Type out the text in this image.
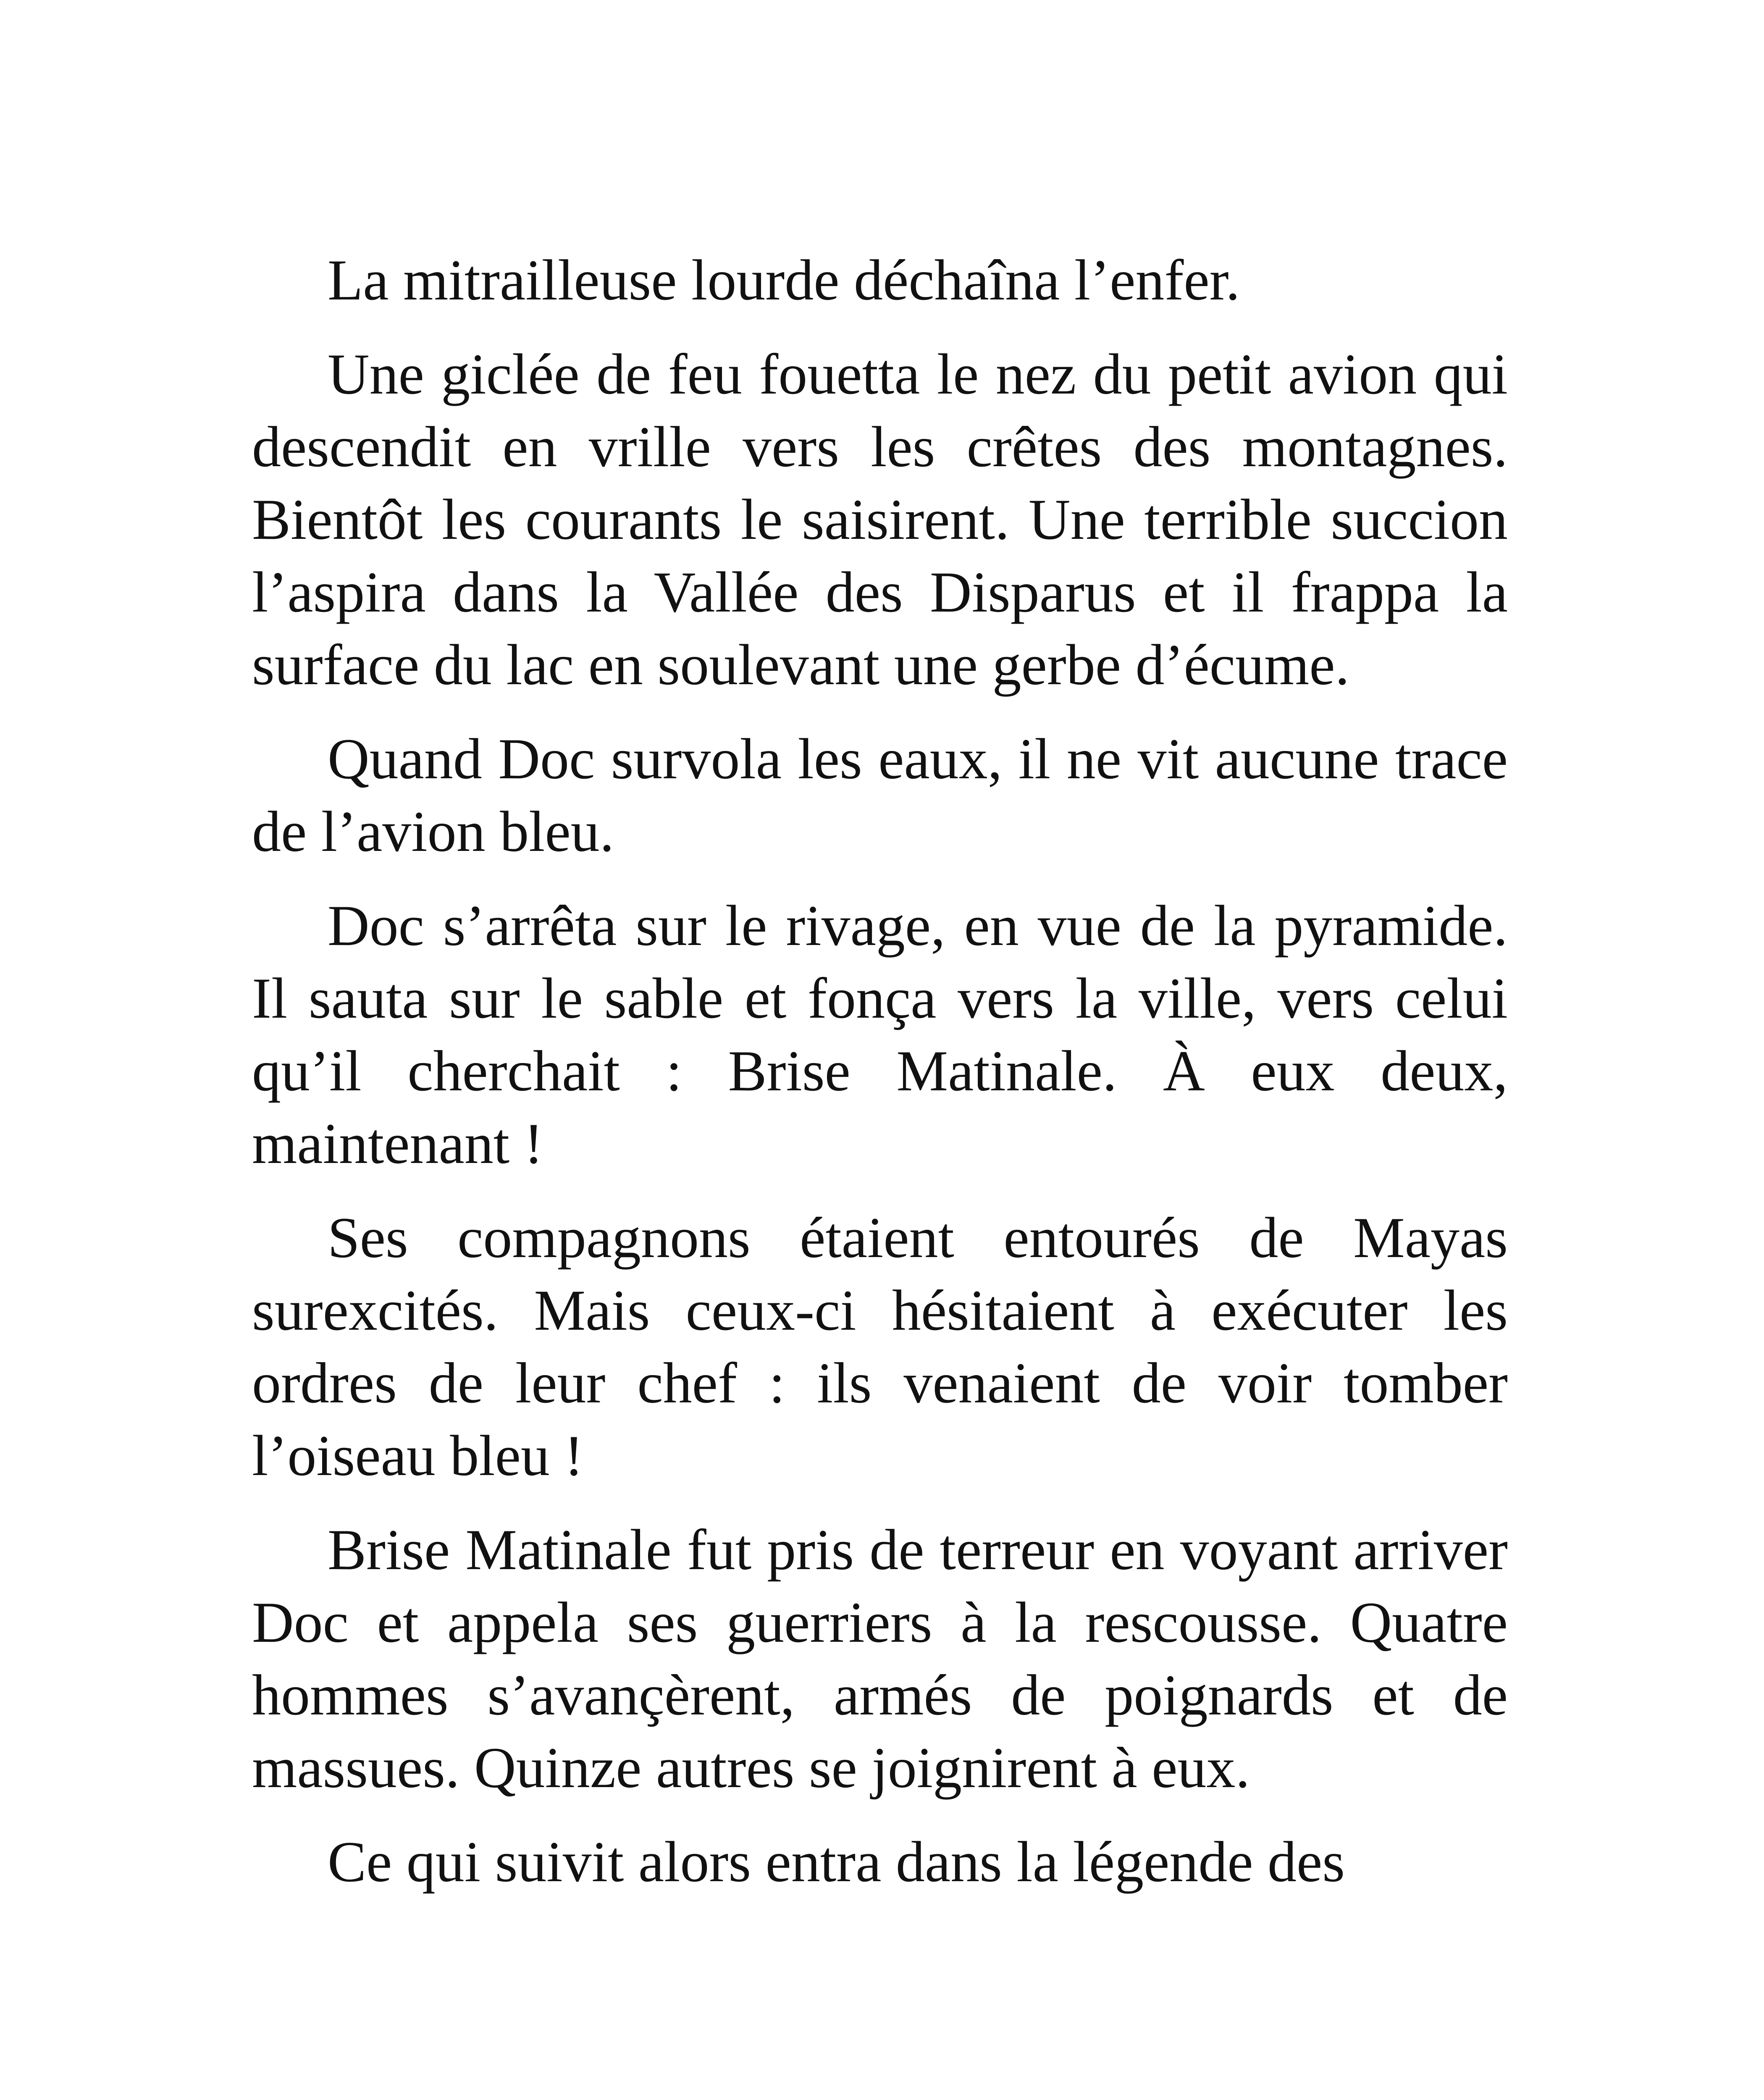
La mitrailleuse lourde déchaîna l’enfer.

Une giclée de feu fouetta le nez du petit avion qui descendit en vrille vers les crêtes des montagnes. Bientôt les courants le saisirent. Une terrible succion l’aspira dans la Vallée des Disparus et il frappa la surface du lac en soulevant une gerbe d’écume.

Quand Doc survola les eaux, il ne vit aucune trace de l’avion bleu.

Doc s’arrêta sur le rivage, en vue de la pyramide. Il sauta sur le sable et fonça vers la ville, vers celui qu’il cherchait : Brise Matinale. À eux deux, maintenant !

Ses compagnons étaient entourés de Mayas surexcités. Mais ceux-ci hésitaient à exécuter les ordres de leur chef : ils venaient de voir tomber l’oiseau bleu !

Brise Matinale fut pris de terreur en voyant arriver Doc et appela ses guerriers à la rescousse. Quatre hommes s’avançèrent, armés de poignards et de massues. Quinze autres se joignirent à eux.

Ce qui suivit alors entra dans la légende des
